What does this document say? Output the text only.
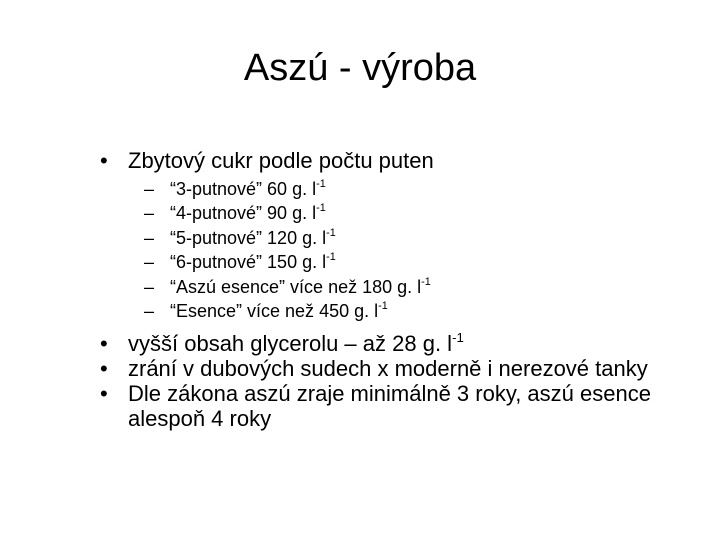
Aszú - výroba
• Zbytový cukr podle počtu puten
– “3-putnové” 60 g. $l^{-1}$
– “4-putnové” 90 g. $l^{-1}$
– “5-putnové” 120 g. $l^{-1}$
– “6-putnové” 150 g. $l^{-1}$
– “Aszú esence” více než 180 g. $l^{-1}$
– “Esence” více než 450 g. $l^{-1}$
• vyšší obsah glycerolu – až 28 g. $l^{-1}$
• zrání v dubových sudech x moderně i nerezové tanky
• Dle zákona aszú zraje minimálně 3 roky, aszú esence alespoň 4 roky
